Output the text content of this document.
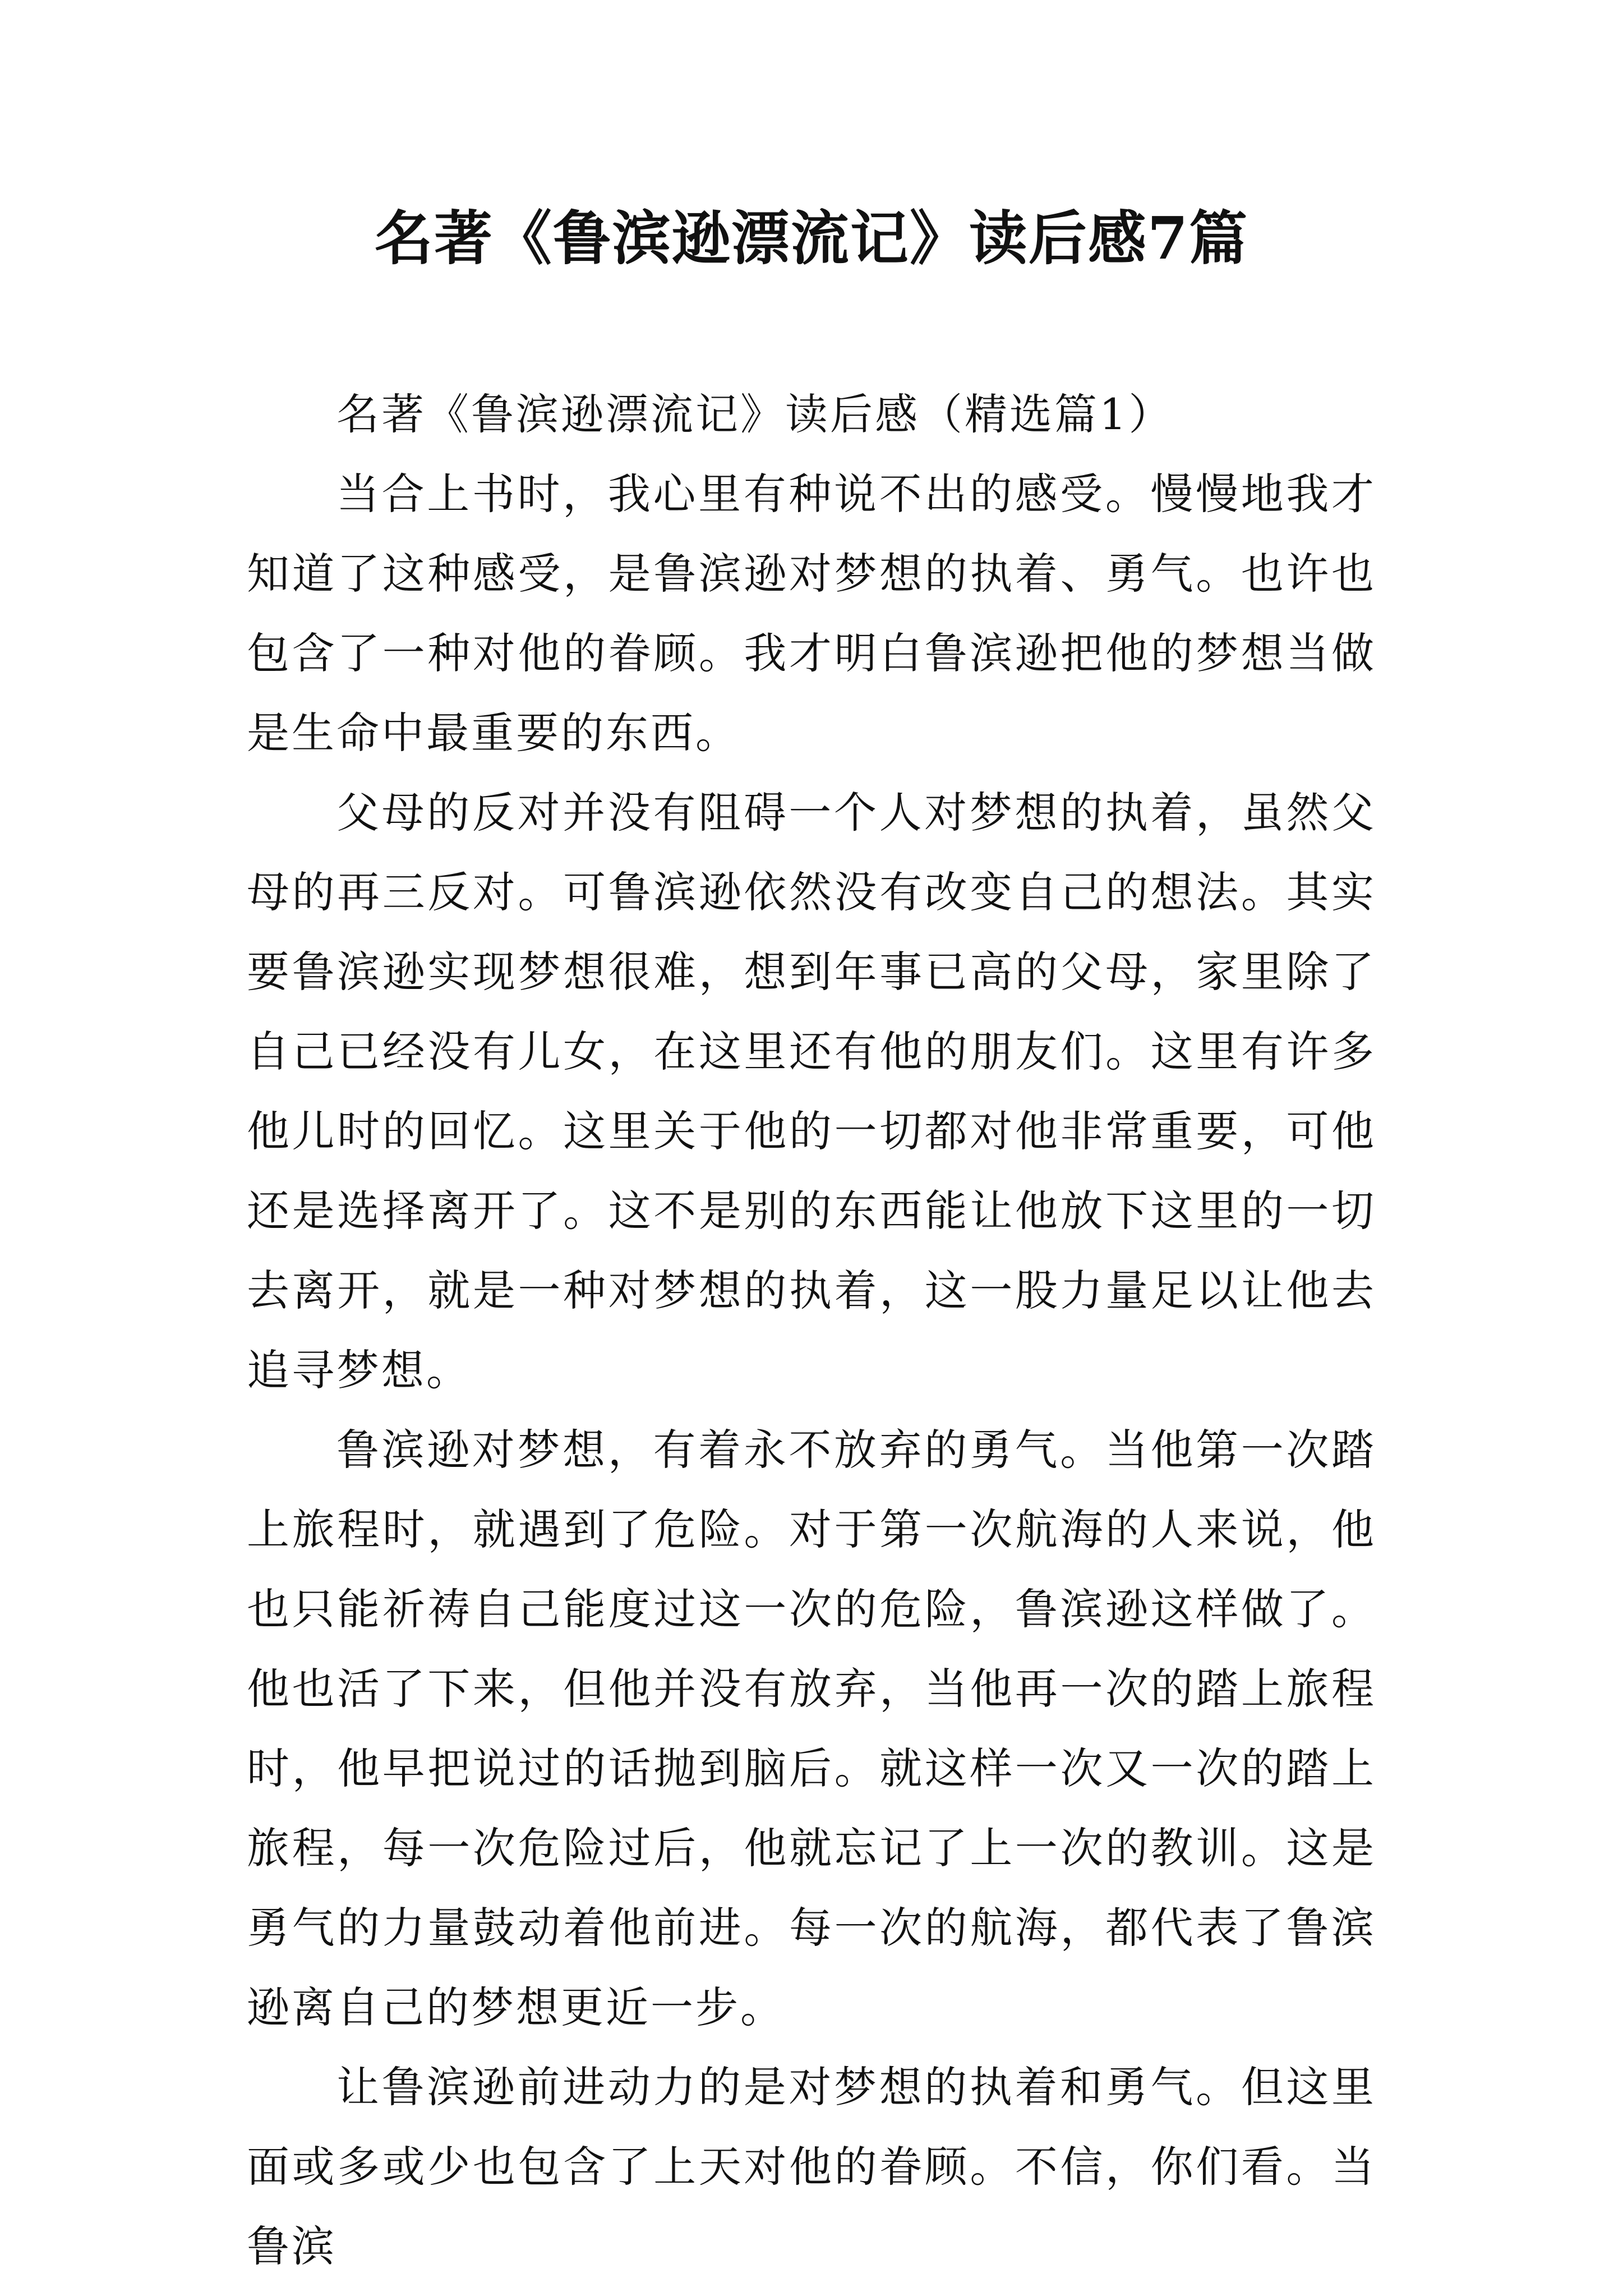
名著《鲁滨逊漂流记》读后感7篇

名著《鲁滨逊漂流记》读后感（精选篇1）

当合上书时，我心里有种说不出的感受。慢慢地我才知道了这种感受，是鲁滨逊对梦想的执着、勇气。也许也包含了一种对他的眷顾。我才明白鲁滨逊把他的梦想当做是生命中最重要的东西。

父母的反对并没有阻碍一个人对梦想的执着，虽然父母的再三反对。可鲁滨逊依然没有改变自己的想法。其实要鲁滨逊实现梦想很难，想到年事已高的父母，家里除了自己已经没有儿女，在这里还有他的朋友们。这里有许多他儿时的回忆。这里关于他的一切都对他非常重要，可他还是选择离开了。这不是别的东西能让他放下这里的一切去离开，就是一种对梦想的执着，这一股力量足以让他去追寻梦想。

鲁滨逊对梦想，有着永不放弃的勇气。当他第一次踏上旅程时，就遇到了危险。对于第一次航海的人来说，他也只能祈祷自己能度过这一次的危险，鲁滨逊这样做了。他也活了下来，但他并没有放弃，当他再一次的踏上旅程时，他早把说过的话抛到脑后。就这样一次又一次的踏上旅程，每一次危险过后，他就忘记了上一次的教训。这是勇气的力量鼓动着他前进。每一次的航海，都代表了鲁滨逊离自己的梦想更近一步。

让鲁滨逊前进动力的是对梦想的执着和勇气。但这里面或多或少也包含了上天对他的眷顾。不信，你们看。当鲁滨
